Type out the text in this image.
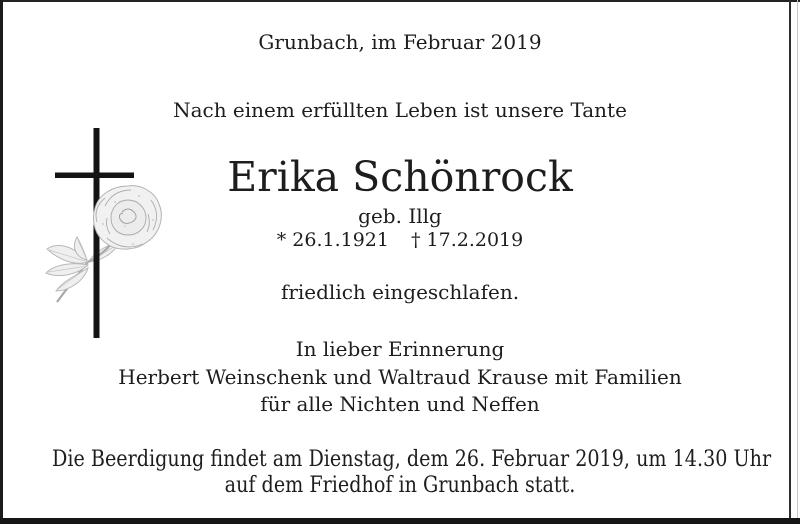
Grunbach, im Februar 2019
Nach einem erfüllten Leben ist unsere Tante
Erika Schönrock
geb. Illg
* 26.1.1921 † 17.2.2019
friedlich eingeschlafen.
In lieber Erinnerung
Herbert Weinschenk und Waltraud Krause mit Familien
für alle Nichten und Neffen
Die Beerdigung findet am Dienstag, dem 26. Februar 2019, um 14.30 Uhr
auf dem Friedhof in Grunbach statt.
